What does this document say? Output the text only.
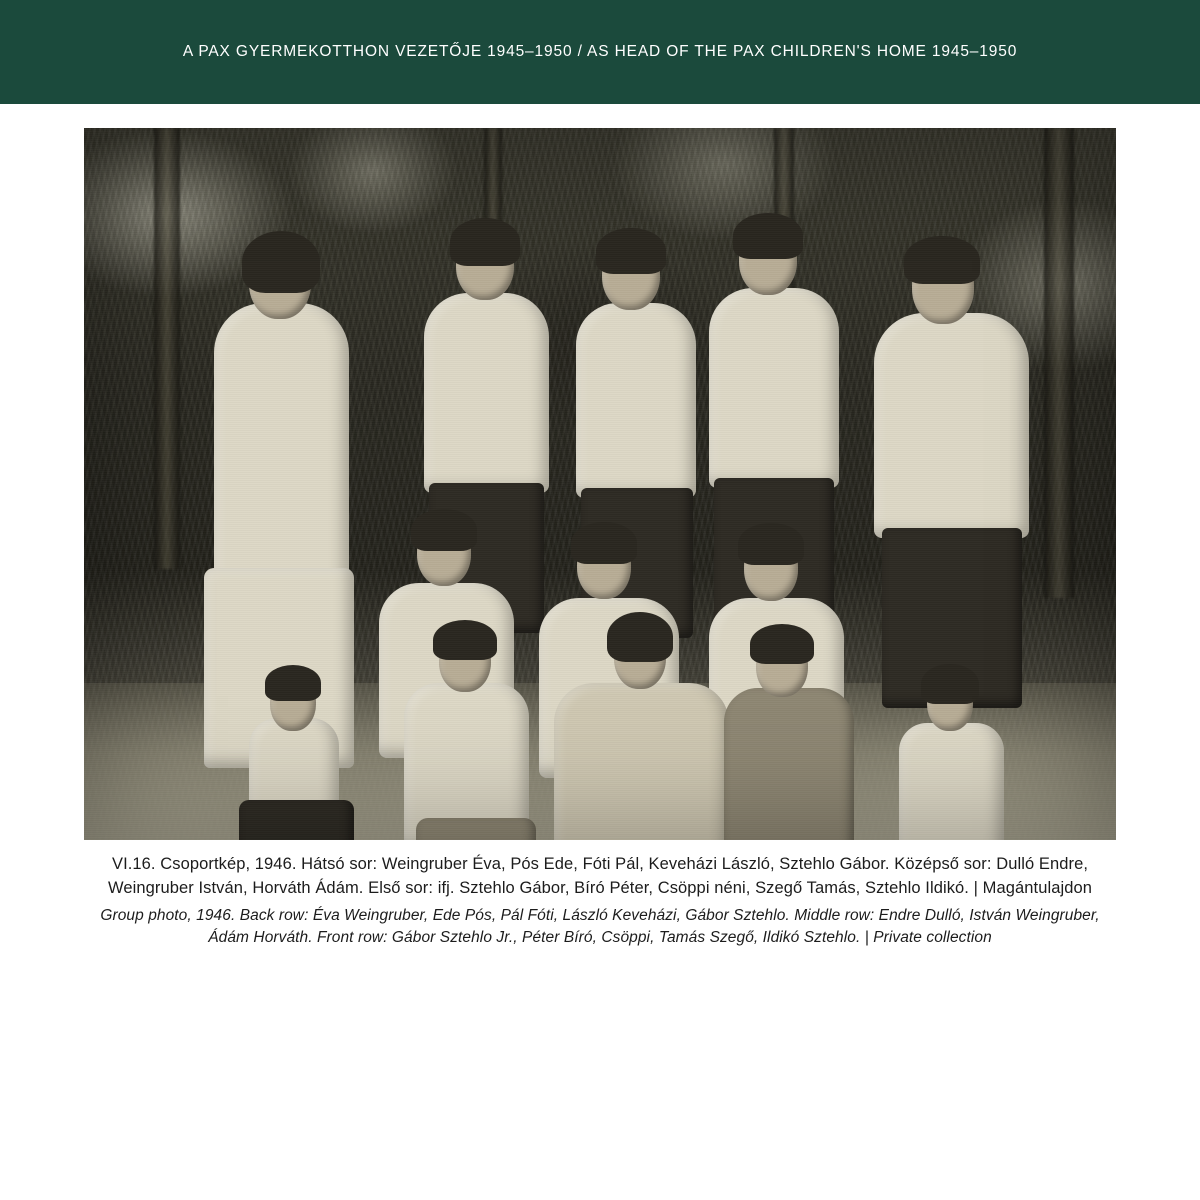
A PAX GYERMEKOTTHON VEZETŐJE 1945–1950 / AS HEAD OF THE PAX CHILDREN'S HOME 1945–1950
VI.16. Csoportkép, 1946. Hátsó sor: Weingruber Éva, Pós Ede, Fóti Pál, Keveházi László, Sztehlo Gábor. Középső sor: Dulló Endre, Weingruber István, Horváth Ádám. Első sor: ifj. Sztehlo Gábor, Bíró Péter, Csöppi néni, Szegő Tamás, Sztehlo Ildikó. | Magántulajdon
Group photo, 1946. Back row: Éva Weingruber, Ede Pós, Pál Fóti, László Keveházi, Gábor Sztehlo. Middle row: Endre Dulló, István Weingruber, Ádám Horváth. Front row: Gábor Sztehlo Jr., Péter Bíró, Csöppi, Tamás Szegő, Ildikó Sztehlo. | Private collection
